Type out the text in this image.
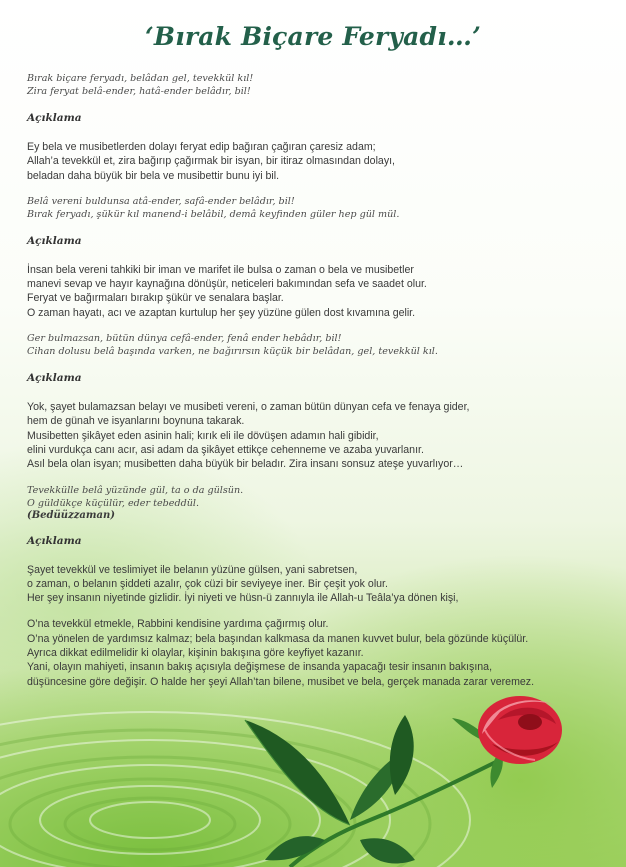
‘Bırak Biçare Feryadı…’

Bırak biçare feryadı, belâdan gel, tevekkül kıl!
Zira feryat belâ-ender, hatâ-ender belâdır, bil!

Açıklama

Ey bela ve musibetlerden dolayı feryat edip bağıran çağıran çaresiz adam;
Allah’a tevekkül et, zira bağırıp çağırmak bir isyan, bir itiraz olmasından dolayı,
beladan daha büyük bir bela ve musibettir bunu iyi bil.

Belâ vereni buldunsa atâ-ender, safâ-ender belâdır, bil!
Bırak feryadı, şükür kıl manend-i belâbil, demâ keyfinden güler hep gül mül.

Açıklama

İnsan bela vereni tahkiki bir iman ve marifet ile bulsa o zaman o bela ve musibetler
manevi sevap ve hayır kaynağına dönüşür, neticeleri bakımından sefa ve saadet olur.
Feryat ve bağırmaları bırakıp şükür ve senalara başlar.
O zaman hayatı, acı ve azaptan kurtulup her şey yüzüne gülen dost kıvamına gelir.

Ger bulmazsan, bütün dünya cefâ-ender, fenâ ender hebâdır, bil!
Cihan dolusu belâ başında varken, ne bağırırsın küçük bir belâdan, gel, tevekkül kıl.

Açıklama

Yok, şayet bulamazsan belayı ve musibeti vereni, o zaman bütün dünyan cefa ve fenaya gider,
hem de günah ve isyanlarını boynuna takarak.
Musibetten şikâyet eden asinin hali; kırık eli ile dövüşen adamın hali gibidir,
elini vurdukça canı acır, asi adam da şikâyet ettikçe cehenneme ve azaba yuvarlanır.
Asıl bela olan isyan; musibetten daha büyük bir beladır. Zira insanı sonsuz ateşe yuvarlıyor…

Tevekkülle belâ yüzünde gül, ta o da gülsün.
O güldükçe küçülür, eder tebeddül.

(Bedüüzzaman)

Açıklama

Şayet tevekkül ve teslimiyet ile belanın yüzüne gülsen, yani sabretsen,
o zaman, o belanın şiddeti azalır, çok cüzi bir seviyeye iner. Bir çeşit yok olur.
Her şey insanın niyetinde gizlidir. İyi niyeti ve hüsn-ü zannıyla ile Allah-u Teâla’ya dönen kişi,

O’na tevekkül etmekle, Rabbini kendisine yardıma çağırmış olur.
O’na yönelen de yardımsız kalmaz; bela başından kalkmasa da manen kuvvet bulur, bela gözünde küçülür.
Ayrıca dikkat edilmelidir ki olaylar, kişinin bakışına göre keyfiyet kazanır.
Yani, olayın mahiyeti, insanın bakış açısıyla değişmese de insanda yapacağı tesir insanın bakışına,
düşüncesine göre değişir. O halde her şeyi Allah’tan bilene, musibet ve bela, gerçek manada zarar veremez.
